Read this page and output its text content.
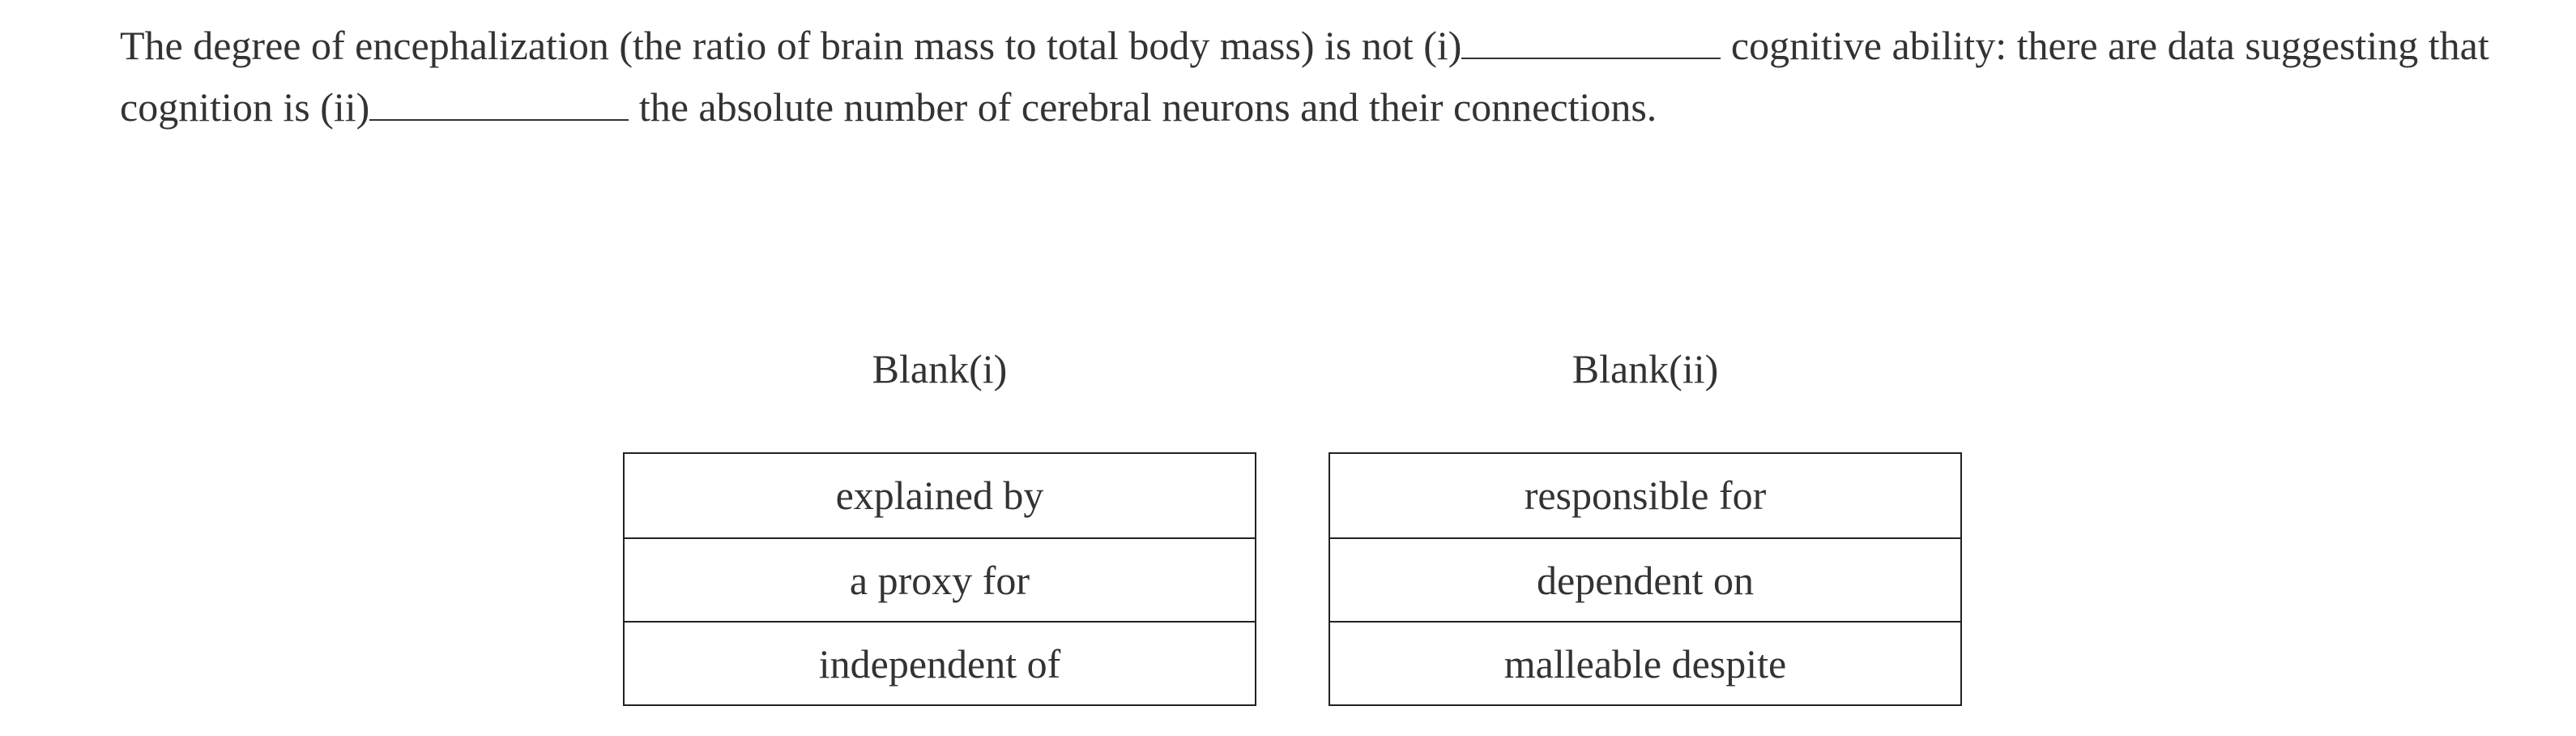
The degree of encephalization (the ratio of brain mass to total body mass) is not (i)	cognitive ability: there are data suggesting that cognition is (ii)	the absolute number of cerebral neurons and their connections.

Blank(i)
explained by
a proxy for
independent of
Blank(ii)
responsible for
dependent on
malleable despite
